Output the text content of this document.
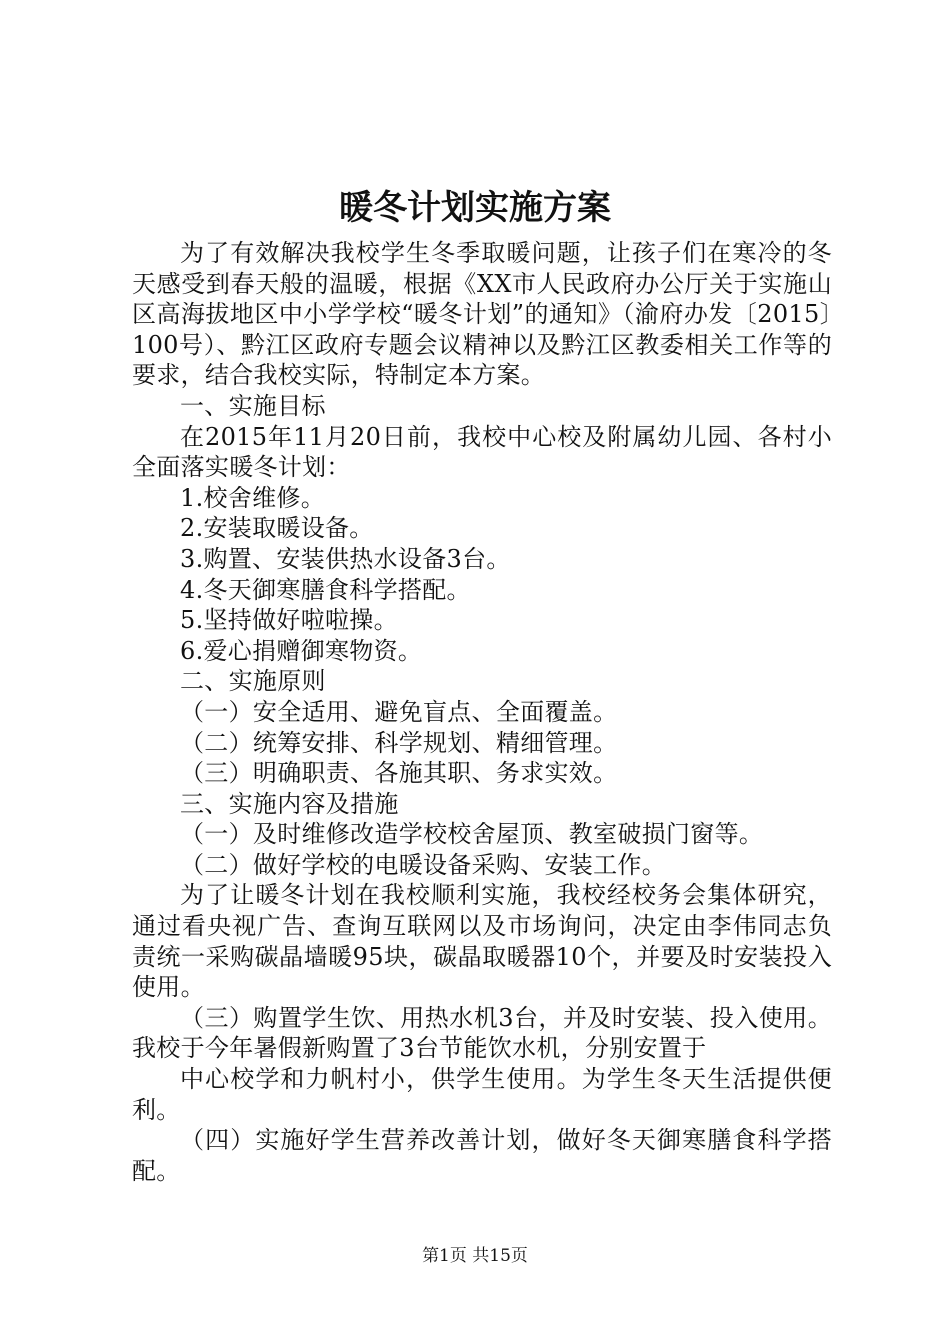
暖冬计划实施方案

为了有效解决我校学生冬季取暖问题，让孩子们在寒冷的冬天感受到春天般的温暖，根据《XX市人民政府办公厅关于实施山区高海拔地区中小学学校“暖冬计划”的通知》（渝府办发〔2015〕100号）、黔江区政府专题会议精神以及黔江区教委相关工作等的要求，结合我校实际，特制定本方案。

一、实施目标

在2015年11月20日前，我校中心校及附属幼儿园、各村小全面落实暖冬计划：

1.校舍维修。

2.安装取暖设备。

3.购置、安装供热水设备3台。

4.冬天御寒膳食科学搭配。

5.坚持做好啦啦操。

6.爱心捐赠御寒物资。

二、实施原则

（一）安全适用、避免盲点、全面覆盖。

（二）统筹安排、科学规划、精细管理。

（三）明确职责、各施其职、务求实效。

三、实施内容及措施

（一）及时维修改造学校校舍屋顶、教室破损门窗等。

（二）做好学校的电暖设备采购、安装工作。

为了让暖冬计划在我校顺利实施，我校经校务会集体研究，通过看央视广告、查询互联网以及市场询问，决定由李伟同志负责统一采购碳晶墙暖95块，碳晶取暖器10个，并要及时安装投入使用。

（三）购置学生饮、用热水机3台，并及时安装、投入使用。我校于今年暑假新购置了3台节能饮水机，分别安置于

中心校学和力帆村小，供学生使用。为学生冬天生活提供便利。

（四）实施好学生营养改善计划，做好冬天御寒膳食科学搭配。

第1页 共15页
